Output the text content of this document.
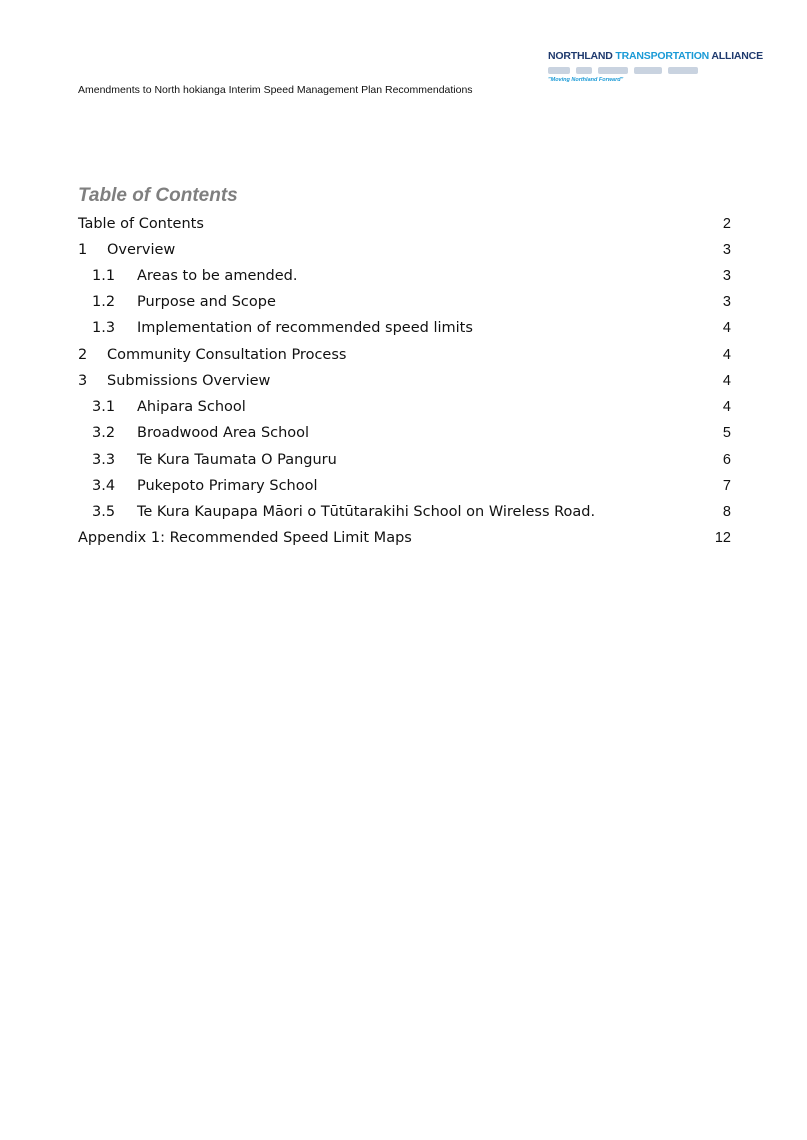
NORTHLAND TRANSPORTATION ALLIANCE
"Moving Northland Forward"
Amendments to North hokianga Interim Speed Management Plan Recommendations
Table of Contents
Table of Contents	2
1 Overview	3
1.1 Areas to be amended.	3
1.2 Purpose and Scope	3
1.3 Implementation of recommended speed limits	4
2 Community Consultation Process	4
3 Submissions Overview	4
3.1 Ahipara School	4
3.2 Broadwood Area School	5
3.3 Te Kura Taumata O Panguru	6
3.4 Pukepoto Primary School	7
3.5 Te Kura Kaupapa Māori o Tūtūtarakihi School on Wireless Road.	8
Appendix 1: Recommended Speed Limit Maps	12
